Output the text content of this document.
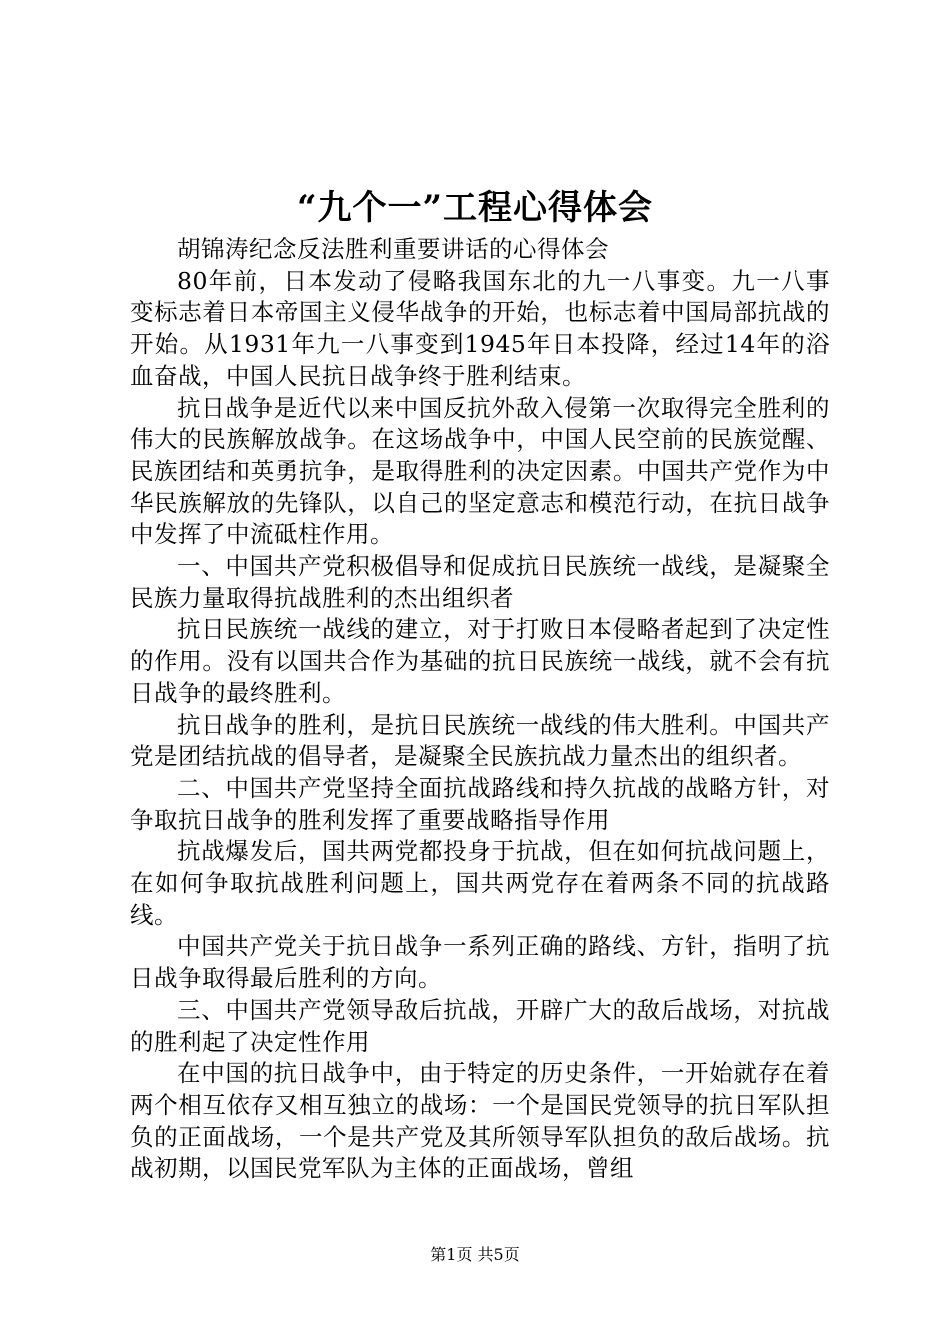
“九个一”工程心得体会

胡锦涛纪念反法胜利重要讲话的心得体会

80年前，日本发动了侵略我国东北的九一八事变。九一八事变标志着日本帝国主义侵华战争的开始，也标志着中国局部抗战的开始。从1931年九一八事变到1945年日本投降，经过14年的浴血奋战，中国人民抗日战争终于胜利结束。

抗日战争是近代以来中国反抗外敌入侵第一次取得完全胜利的伟大的民族解放战争。在这场战争中，中国人民空前的民族觉醒、民族团结和英勇抗争，是取得胜利的决定因素。中国共产党作为中华民族解放的先锋队，以自己的坚定意志和模范行动，在抗日战争中发挥了中流砥柱作用。

一、中国共产党积极倡导和促成抗日民族统一战线，是凝聚全民族力量取得抗战胜利的杰出组织者

抗日民族统一战线的建立，对于打败日本侵略者起到了决定性的作用。没有以国共合作为基础的抗日民族统一战线，就不会有抗日战争的最终胜利。

抗日战争的胜利，是抗日民族统一战线的伟大胜利。中国共产党是团结抗战的倡导者，是凝聚全民族抗战力量杰出的组织者。

二、中国共产党坚持全面抗战路线和持久抗战的战略方针，对争取抗日战争的胜利发挥了重要战略指导作用

抗战爆发后，国共两党都投身于抗战，但在如何抗战问题上，在如何争取抗战胜利问题上，国共两党存在着两条不同的抗战路线。

中国共产党关于抗日战争一系列正确的路线、方针，指明了抗日战争取得最后胜利的方向。

三、中国共产党领导敌后抗战，开辟广大的敌后战场，对抗战的胜利起了决定性作用

在中国的抗日战争中，由于特定的历史条件，一开始就存在着两个相互依存又相互独立的战场：一个是国民党领导的抗日军队担负的正面战场，一个是共产党及其所领导军队担负的敌后战场。抗战初期，以国民党军队为主体的正面战场，曾组

第1页 共5页
